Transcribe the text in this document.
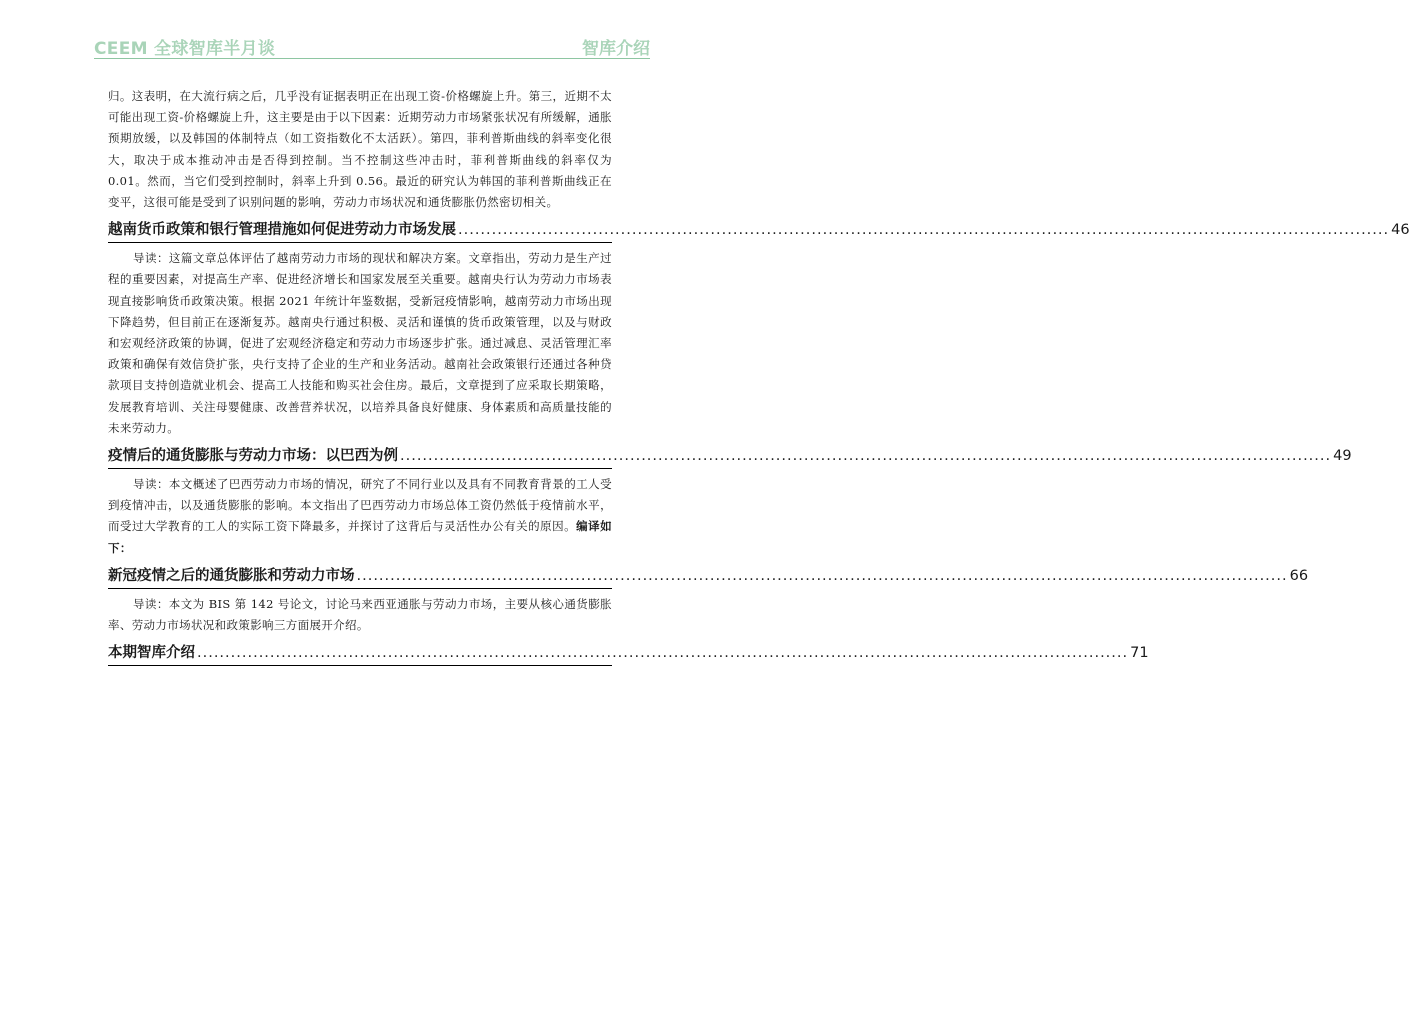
CEEM 全球智库半月谈	智库介绍

归。这表明，在大流行病之后，几乎没有证据表明正在出现工资-价格螺旋上升。第三，近期不太可能出现工资-价格螺旋上升，这主要是由于以下因素：近期劳动力市场紧张状况有所缓解，通胀预期放缓，以及韩国的体制特点（如工资指数化不太活跃）。第四，菲利普斯曲线的斜率变化很大，取决于成本推动冲击是否得到控制。当不控制这些冲击时，菲利普斯曲线的斜率仅为 0.01。然而，当它们受到控制时，斜率上升到 0.56。最近的研究认为韩国的菲利普斯曲线正在变平，这很可能是受到了识别问题的影响，劳动力市场状况和通货膨胀仍然密切相关。

越南货币政策和银行管理措施如何促进劳动力市场发展 ...................................................................................................................................................................... 46

导读：这篇文章总体评估了越南劳动力市场的现状和解决方案。文章指出，劳动力是生产过程的重要因素，对提高生产率、促进经济增长和国家发展至关重要。越南央行认为劳动力市场表现直接影响货币政策决策。根据 2021 年统计年鉴数据，受新冠疫情影响，越南劳动力市场出现下降趋势，但目前正在逐渐复苏。越南央行通过积极、灵活和谨慎的货币政策管理，以及与财政和宏观经济政策的协调，促进了宏观经济稳定和劳动力市场逐步扩张。通过减息、灵活管理汇率政策和确保有效信贷扩张，央行支持了企业的生产和业务活动。越南社会政策银行还通过各种贷款项目支持创造就业机会、提高工人技能和购买社会住房。最后，文章提到了应采取长期策略，发展教育培训、关注母婴健康、改善营养状况，以培养具备良好健康、身体素质和高质量技能的未来劳动力。

疫情后的通货膨胀与劳动力市场：以巴西为例 ...................................................................................................................................................................... 49

导读：本文概述了巴西劳动力市场的情况，研究了不同行业以及具有不同教育背景的工人受到疫情冲击，以及通货膨胀的影响。本文指出了巴西劳动力市场总体工资仍然低于疫情前水平，而受过大学教育的工人的实际工资下降最多，并探讨了这背后与灵活性办公有关的原因。编译如下：

新冠疫情之后的通货膨胀和劳动力市场 ...................................................................................................................................................................... 66

导读：本文为 BIS 第 142 号论文，讨论马来西亚通胀与劳动力市场，主要从核心通货膨胀率、劳动力市场状况和政策影响三方面展开介绍。

本期智库介绍 ...................................................................................................................................................................... 71
